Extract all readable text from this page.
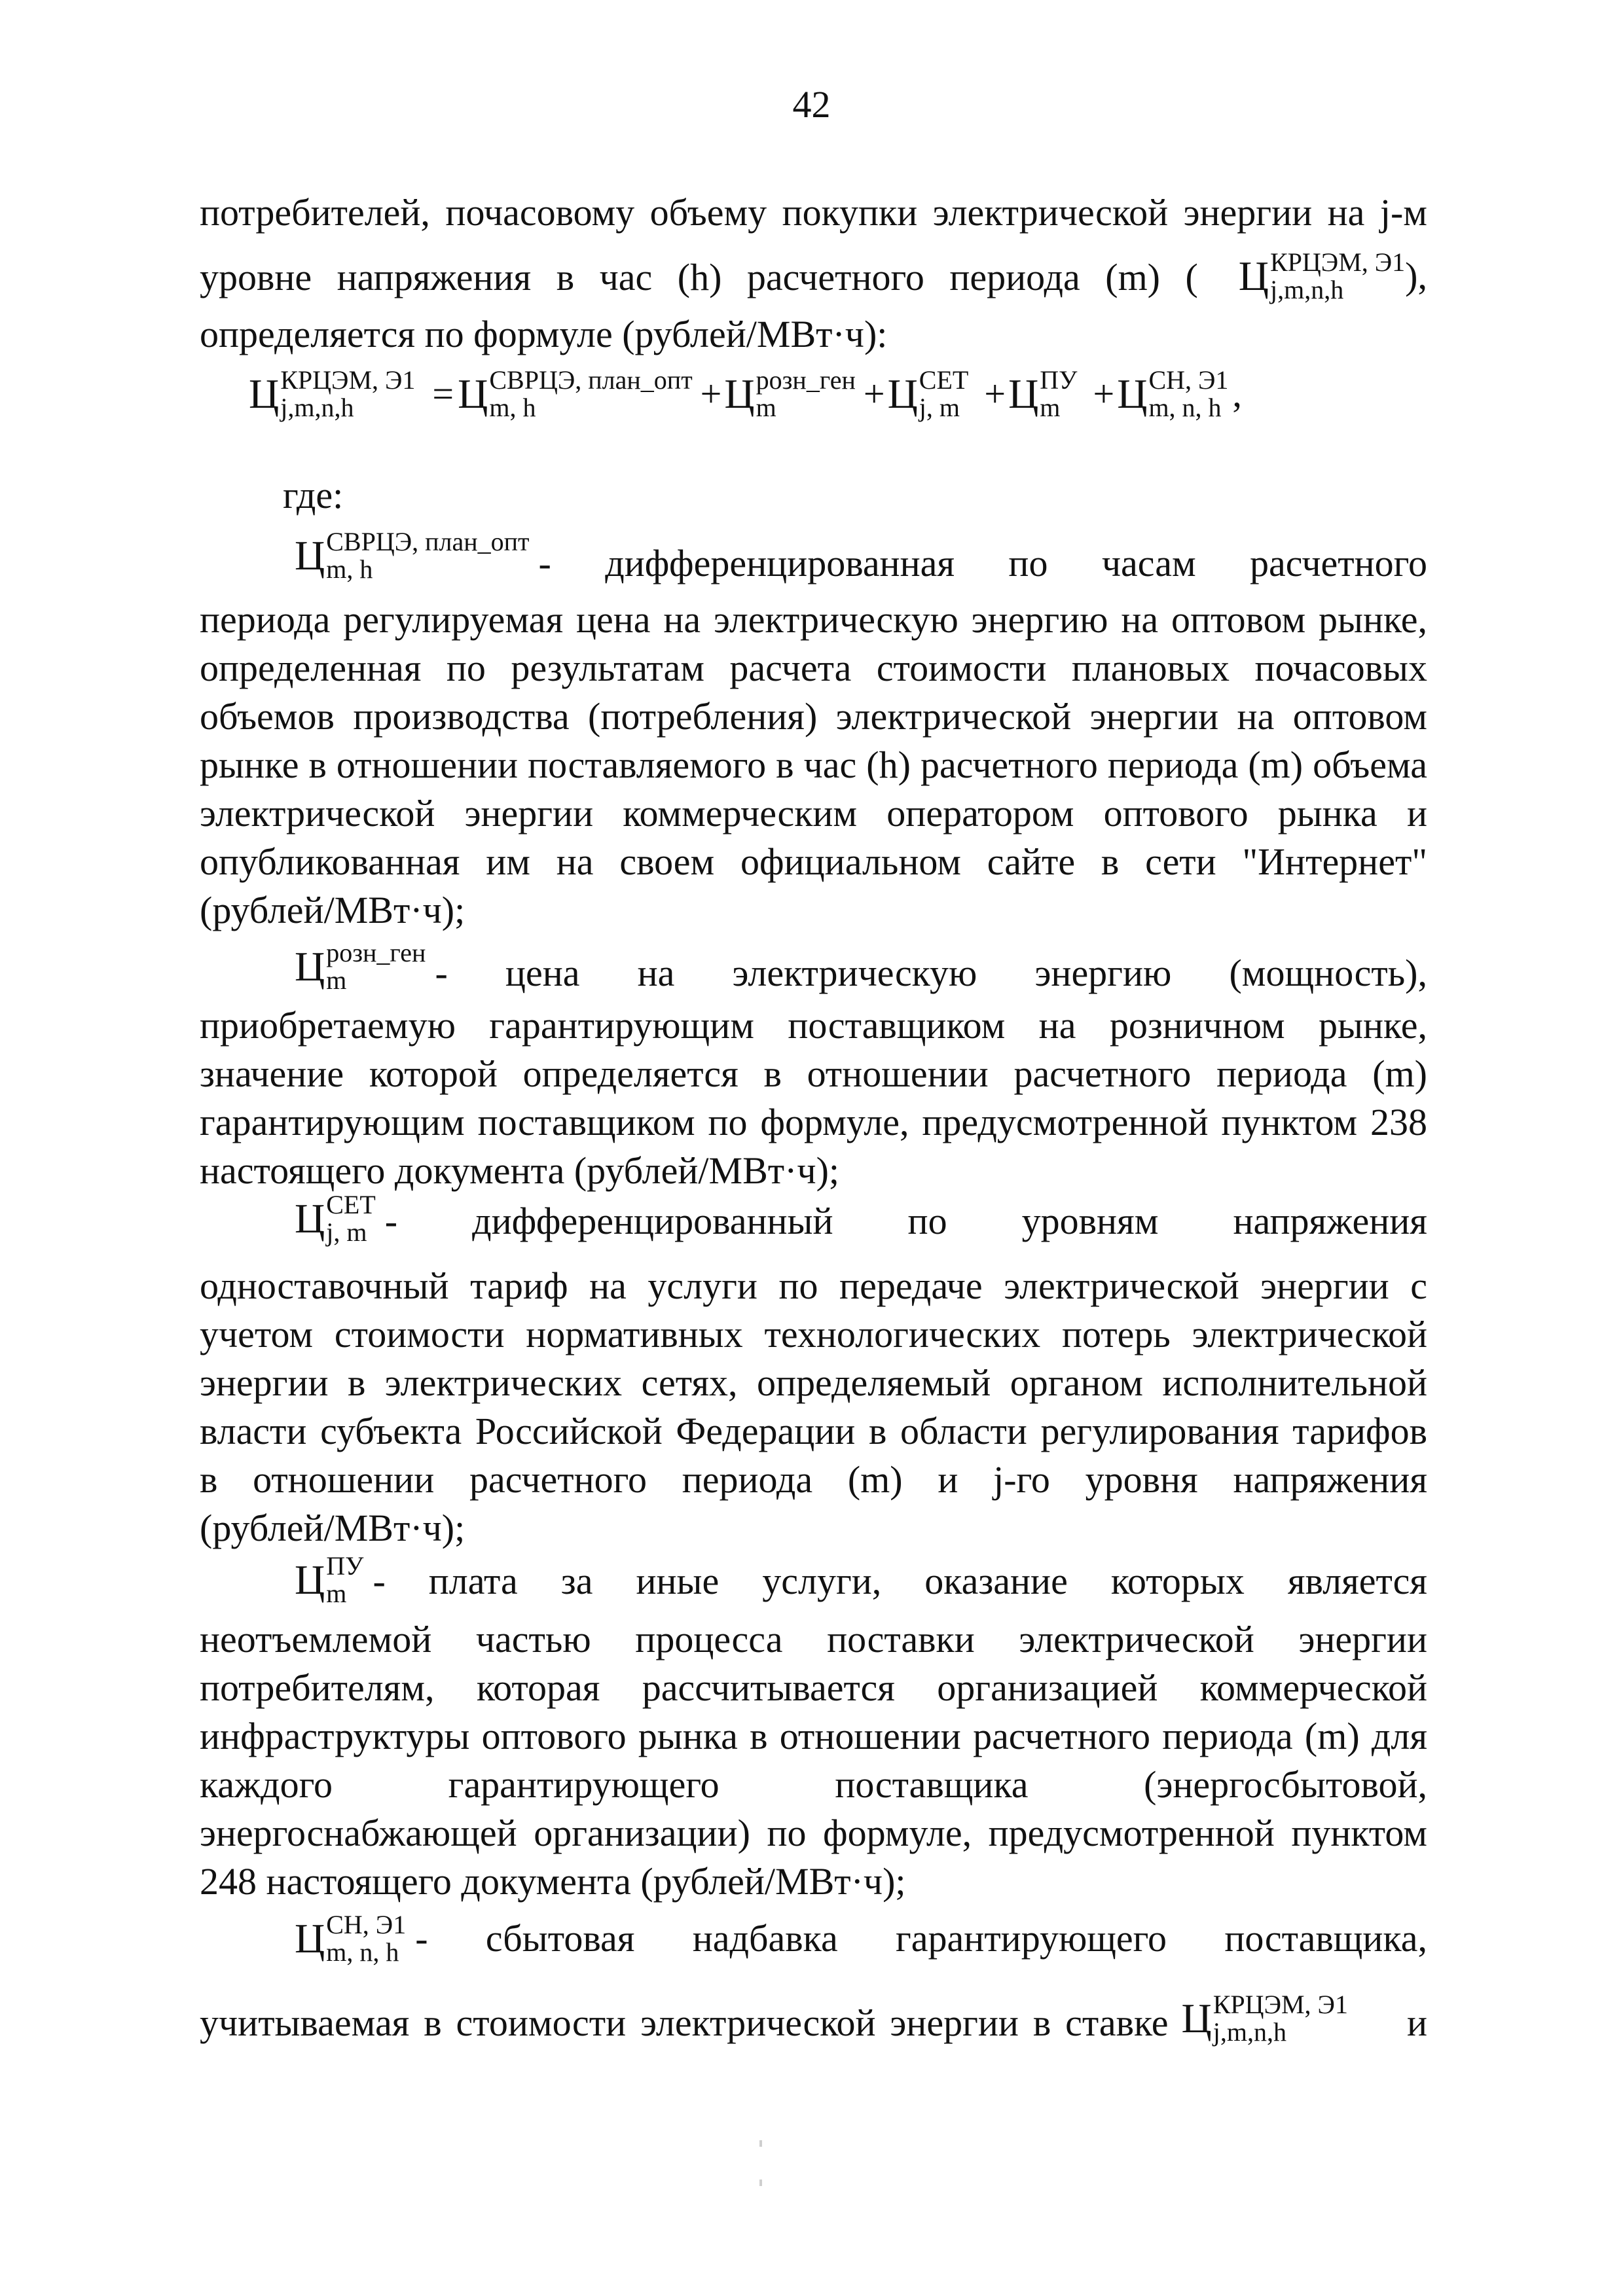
42
потребителей, почасовому объему покупки электрической энергии на j-м
уровне напряжения в час (h) расчетного периода (m) ( Ц КРЦЭМ, Э1
j,m,n,h	),
определяется по формуле (рублей/МВт·ч):
Ц КРЦЭМ, Э1
j,m,n,h	= Ц СВРЦЭ, план_опт
m, h	+ Ц розн_ген
m	+ Ц СЕТ
j, m + Ц ПУ
m + Ц СН, Э1
m, n, h ,
где:
Ц СВРЦЭ, план_опт
m, h	- дифференцированная по часам расчетного
периода регулируемая цена на электрическую энергию на оптовом рынке,
определенная по результатам расчета стоимости плановых почасовых
объемов производства (потребления) электрической энергии на оптовом
рынке в отношении поставляемого в час (h) расчетного периода (m) объема
электрической энергии коммерческим оператором оптового рынка и
опубликованная им на своем официальном сайте в сети "Интернет"
(рублей/МВт·ч);
Ц розн_ген
m	- цена на электрическую энергию (мощность),
приобретаемую гарантирующим поставщиком на розничном рынке,
значение которой определяется в отношении расчетного периода (m)
гарантирующим поставщиком по формуле, предусмотренной пунктом 238
настоящего документа (рублей/МВт·ч);
Ц СЕТ
j, m - дифференцированный по уровням напряжения
одноставочный тариф на услуги по передаче электрической энергии с
учетом стоимости нормативных технологических потерь электрической
энергии в электрических сетях, определяемый органом исполнительной
власти субъекта Российской Федерации в области регулирования тарифов
в отношении расчетного периода (m) и j-го уровня напряжения
(рублей/МВт·ч);
Ц ПУ
m - плата за иные услуги, оказание которых является
неотъемлемой частью процесса поставки электрической энергии
потребителям, которая рассчитывается организацией коммерческой
инфраструктуры оптового рынка в отношении расчетного периода (m) для
каждого гарантирующего поставщика (энергосбытовой,
энергоснабжающей организации) по формуле, предусмотренной пунктом
248 настоящего документа (рублей/МВт·ч);
Ц СН, Э1
m, n, h - сбытовая надбавка гарантирующего поставщика,
учитываемая в стоимости электрической энергии в ставке Ц КРЦЭМ, Э1
j,m,n,h	и
